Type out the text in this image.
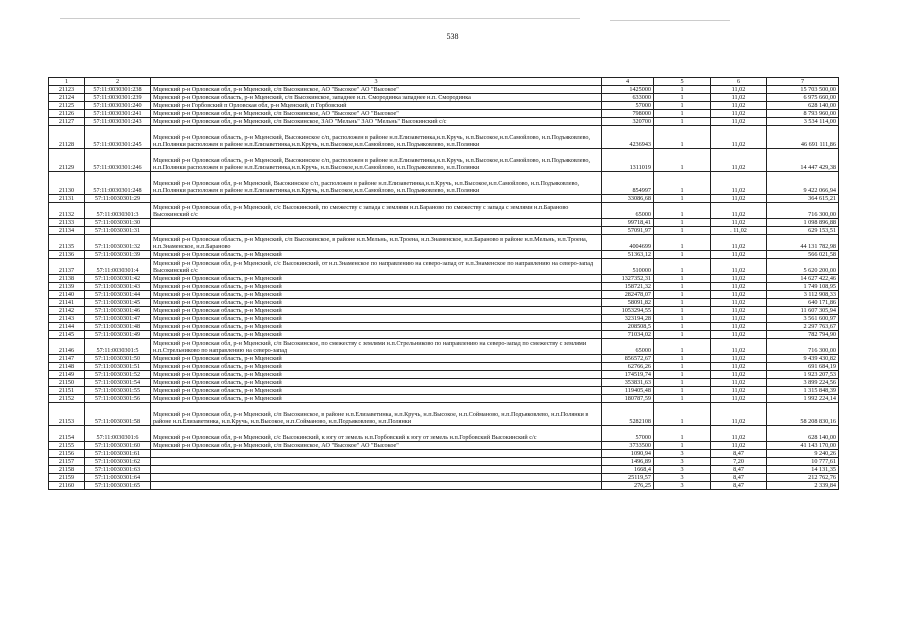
538
1	2	3	4	5	6	7
21123	57:11:0030301:238	Мценский р-н Орловская обл, р-н Мценский, с/п Высокинское, АО "Высокое" АО "Высокое"	1425000	1	11,02	15 703 500,00
21124	57:11:0030301:239	Мценский р-н Орловская область, р-н Мценский, с/п Высокинское, западнее н.п. Смородинка западнее н.п. Смородинка	633000	1	11,02	6 975 660,00
21125	57:11:0030301:240	Мценский р-н Горбовский п Орловская обл, р-н Мценский, п Горбовский	57000	1	11,02	628 140,00
21126	57:11:0030301:241	Мценский р-н Орловская обл, р-н Мценский, с/п Высокинское, АО "Высокое" АО "Высокое"	798000	1	11,02	8 793 960,00
21127	57:11:0030301:243	Мценский р-н Орловская обл, р-н Мценский, с/п Высокинское, ЗАО "Мельнь" ЗАО "Мельнь" Высокинский с/с	320700	1	11,02	3 534 114,00
21128	57:11:0030301:245	Мценский р-н Орловская область, р-н Мценский, Высокинское с/п, расположен в районе н.п.Елизаветинка,н.п.Кручь, н.п.Высокое,н.п.Самойлово, н.п.Подъяковлево, н.п.Полянки расположен в районе н.п.Елизаветинка,н.п.Кручь, н.п.Высокое,н.п.Самойлово, н.п.Подъяковлево, н.п.Полянки	4236943	1	11,02	46 691 111,86
21129	57:11:0030301:246	Мценский р-н Орловская область, р-н Мценский, Высокинское с/п, расположен в районе н.п.Елизаветинка,н.п.Кручь, н.п.Высокое,н.п.Самойлово, н.п.Подъяковлево, н.п.Полянки расположен в районе н.п.Елизаветинка,н.п.Кручь, н.п.Высокое,н.п.Самойлово, н.п.Подъяковлево, н.п.Полянки	1311019	1	11,02	14 447 429,38
21130	57:11:0030301:248	Мценский р-н Орловская обл, р-н Мценский, Высокинское с/п, расположен в районе н.п.Елизаветинка,н.п.Кручь, н.п.Высокое,н.п.Самойлово, н.п.Подъяковлево, н.п.Полянки расположен в районе н.п.Елизаветинка,н.п.Кручь, н.п.Высокое,н.п.Самойлово, н.п.Подъяковлево, н.п.Полянки	854997	1	11,02	9 422 066,94
21131	57:11:0030301:29		33086,68	1	11,02	364 615,21
21132	57:11:0030301:3	Мценский р-н Орловская обл, р-н Мценский, с/с Высокинский, по смежеству с западa с землями н.п.Бараново по смежеству с запада с землями н.п.Бараново Высокинский с/с	65000	1	11,02	716 300,00
21133	57:11:0030301:30		99718,41	1	11,02	1 098 896,88
21134	57:11:0030301:31		57091,97	1	. 11,02	629 153,51
21135	57:11:0030301:32	Мценский р-н Орловская область, р-н Мценский, с/п Высокинское, в районе н.п.Мельнь, н.п.Троена, н.п.Знаменское, н.п.Бараново в районе н.п.Мельнь, н.п.Троена, н.п.Знаменское, н.п.Бараново	4004699	1	11,02	44 131 782,98
21136	57:11:0030301:39	Мценский р-н Орловская область, р-н Мценский	51363,12	1	11,02	566 021,58
21137	57:11:0030301:4	Мценский р-н Орловская обл, р-н Мценский, с/с Высокинский, от н.п.Знаменское по направлению на северо-запад от н.п.Знаменское по направлению на северо-запад Высокинский с/с	510000	1	11,02	5 620 200,00
21138	57:11:0030301:42	Мценский р-н Орловская область, р-н Мценский	1327352,31	1	11,02	14 627 422,46
21139	57:11:0030301:43	Мценский р-н Орловская область, р-н Мценский	158721,32	1	11,02	1 749 108,95
21140	57:11:0030301:44	Мценский р-н Орловская область, р-н Мценский	282478,07	1	11,02	3 112 908,33
21141	57:11:0030301:45	Мценский р-н Орловская область, р-н Мценский	58091,82	1	11,02	640 171,86
21142	57:11:0030301:46	Мценский р-н Орловская область, р-н Мценский	1053294,55	1	11,02	11 607 305,94
21143	57:11:0030301:47	Мценский р-н Орловская область, р-н Мценский	323194,28	1	11,02	3 561 600,97
21144	57:11:0030301:48	Мценский р-н Орловская область, р-н Мценский	208508,5	1	11,02	2 297 763,67
21145	57:11:0030301:49	Мценский р-н Орловская область, р-н Мценский	71034,02	1	11,02	782 794,90
21146	57:11:0030301:5	Мценский р-н Орловская обл, р-н Мценский, с/п Высокинское, по смежеству с землями н.п.Стрельниково по направлению на северо-запад по смежеству с землями н.п.Стрельниково по направлению на северо-запад	65000	1	11,02	716 300,00
21147	57:11:0030301:50	Мценский р-н Орловская область, р-н Мценский	856572,67	1	11,02	9 439 430,82
21148	57:11:0030301:51	Мценский р-н Орловская область, р-н Мценский	62766,26	1	11,02	691 684,19
21149	57:11:0030301:52	Мценский р-н Орловская область, р-н Мценский	174519,74	1	11,02	1 923 207,53
21150	57:11:0030301:54	Мценский р-н Орловская область, р-н Мценский	353831,63	1	11,02	3 899 224,56
21151	57:11:0030301:55	Мценский р-н Орловская область, р-н Мценский	119405,48	1	11,02	1 315 848,39
21152	57:11:0030301:56	Мценский р-н Орловская область, р-н Мценский	180787,59	1	11,02	1 992 224,14
21153	57:11:0030301:58	Мценский р-н Орловская обл, р-н Мценский, с/п Высокинское, в районе н.п.Елизаветинка, н.п.Кручь, н.п.Высокое, н.п.Сойманово, н.п.Подъяковлево, н.п.Полянки в районе н.п.Елизаветинка, н.п.Кручь, н.п.Высокое, н.п.Сойманово, н.п.Подъяковлево, н.п.Полянки	5282108	1	11,02	58 208 830,16
21154	57:11:0030301:6	Мценский р-н Орловская обл, р-н Мценский, с/с Высокинский, к югу от земель н.п.Горбовский к югу от земель н.п.Горбовский Высокинский с/с	57000	1	11,02	628 140,00
21155	57:11:0030301:60	Мценский р-н Орловская обл, р-н Мценский, с/п Высокинское, АО "Высокое" АО "Высокое"	3733500	1	11,02	41 143 170,00
21156	57:11:0030301:61		1090,94	3	8,47	9 240,26
21157	57:11:0030301:62		1496,89	3	7,20	10 777,61
21158	57:11:0030301:63		1668,4	3	8,47	14 131,35
21159	57:11:0030301:64		25119,57	3	8,47	212 762,76
21160	57:11:0030301:65		276,25	3	8,47	2 339,84
